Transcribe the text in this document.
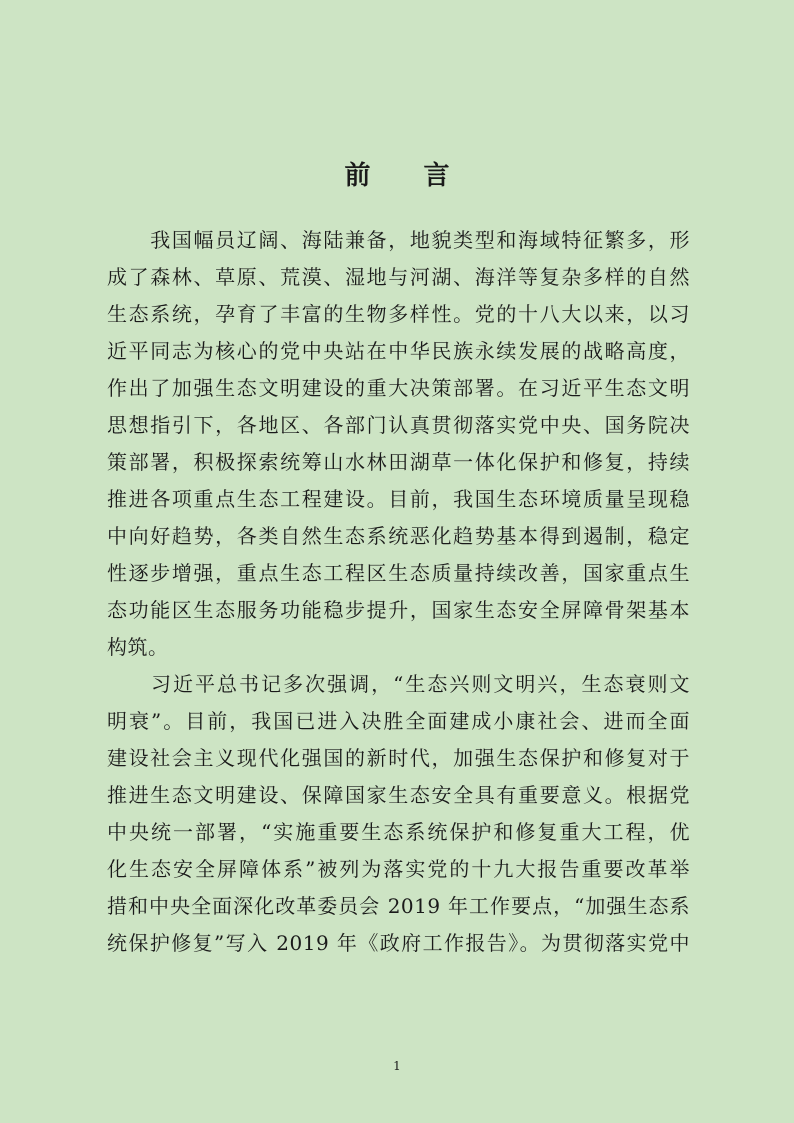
前 言
　　我国幅员辽阔、海陆兼备，地貌类型和海域特征繁多，形
成了森林、草原、荒漠、湿地与河湖、海洋等复杂多样的自然
生态系统，孕育了丰富的生物多样性。党的十八大以来，以习
近平同志为核心的党中央站在中华民族永续发展的战略高度，
作出了加强生态文明建设的重大决策部署。在习近平生态文明
思想指引下，各地区、各部门认真贯彻落实党中央、国务院决
策部署，积极探索统筹山水林田湖草一体化保护和修复，持续
推进各项重点生态工程建设。目前，我国生态环境质量呈现稳
中向好趋势，各类自然生态系统恶化趋势基本得到遏制，稳定
性逐步增强，重点生态工程区生态质量持续改善，国家重点生
态功能区生态服务功能稳步提升，国家生态安全屏障骨架基本
构筑。
　　习近平总书记多次强调，“生态兴则文明兴，生态衰则文
明衰”。目前，我国已进入决胜全面建成小康社会、进而全面
建设社会主义现代化强国的新时代，加强生态保护和修复对于
推进生态文明建设、保障国家生态安全具有重要意义。根据党
中央统一部署，“实施重要生态系统保护和修复重大工程，优
化生态安全屏障体系”被列为落实党的十九大报告重要改革举
措和中央全面深化改革委员会 2019 年工作要点，“加强生态系
统保护修复”写入 2019 年《政府工作报告》。为贯彻落实党中
1
